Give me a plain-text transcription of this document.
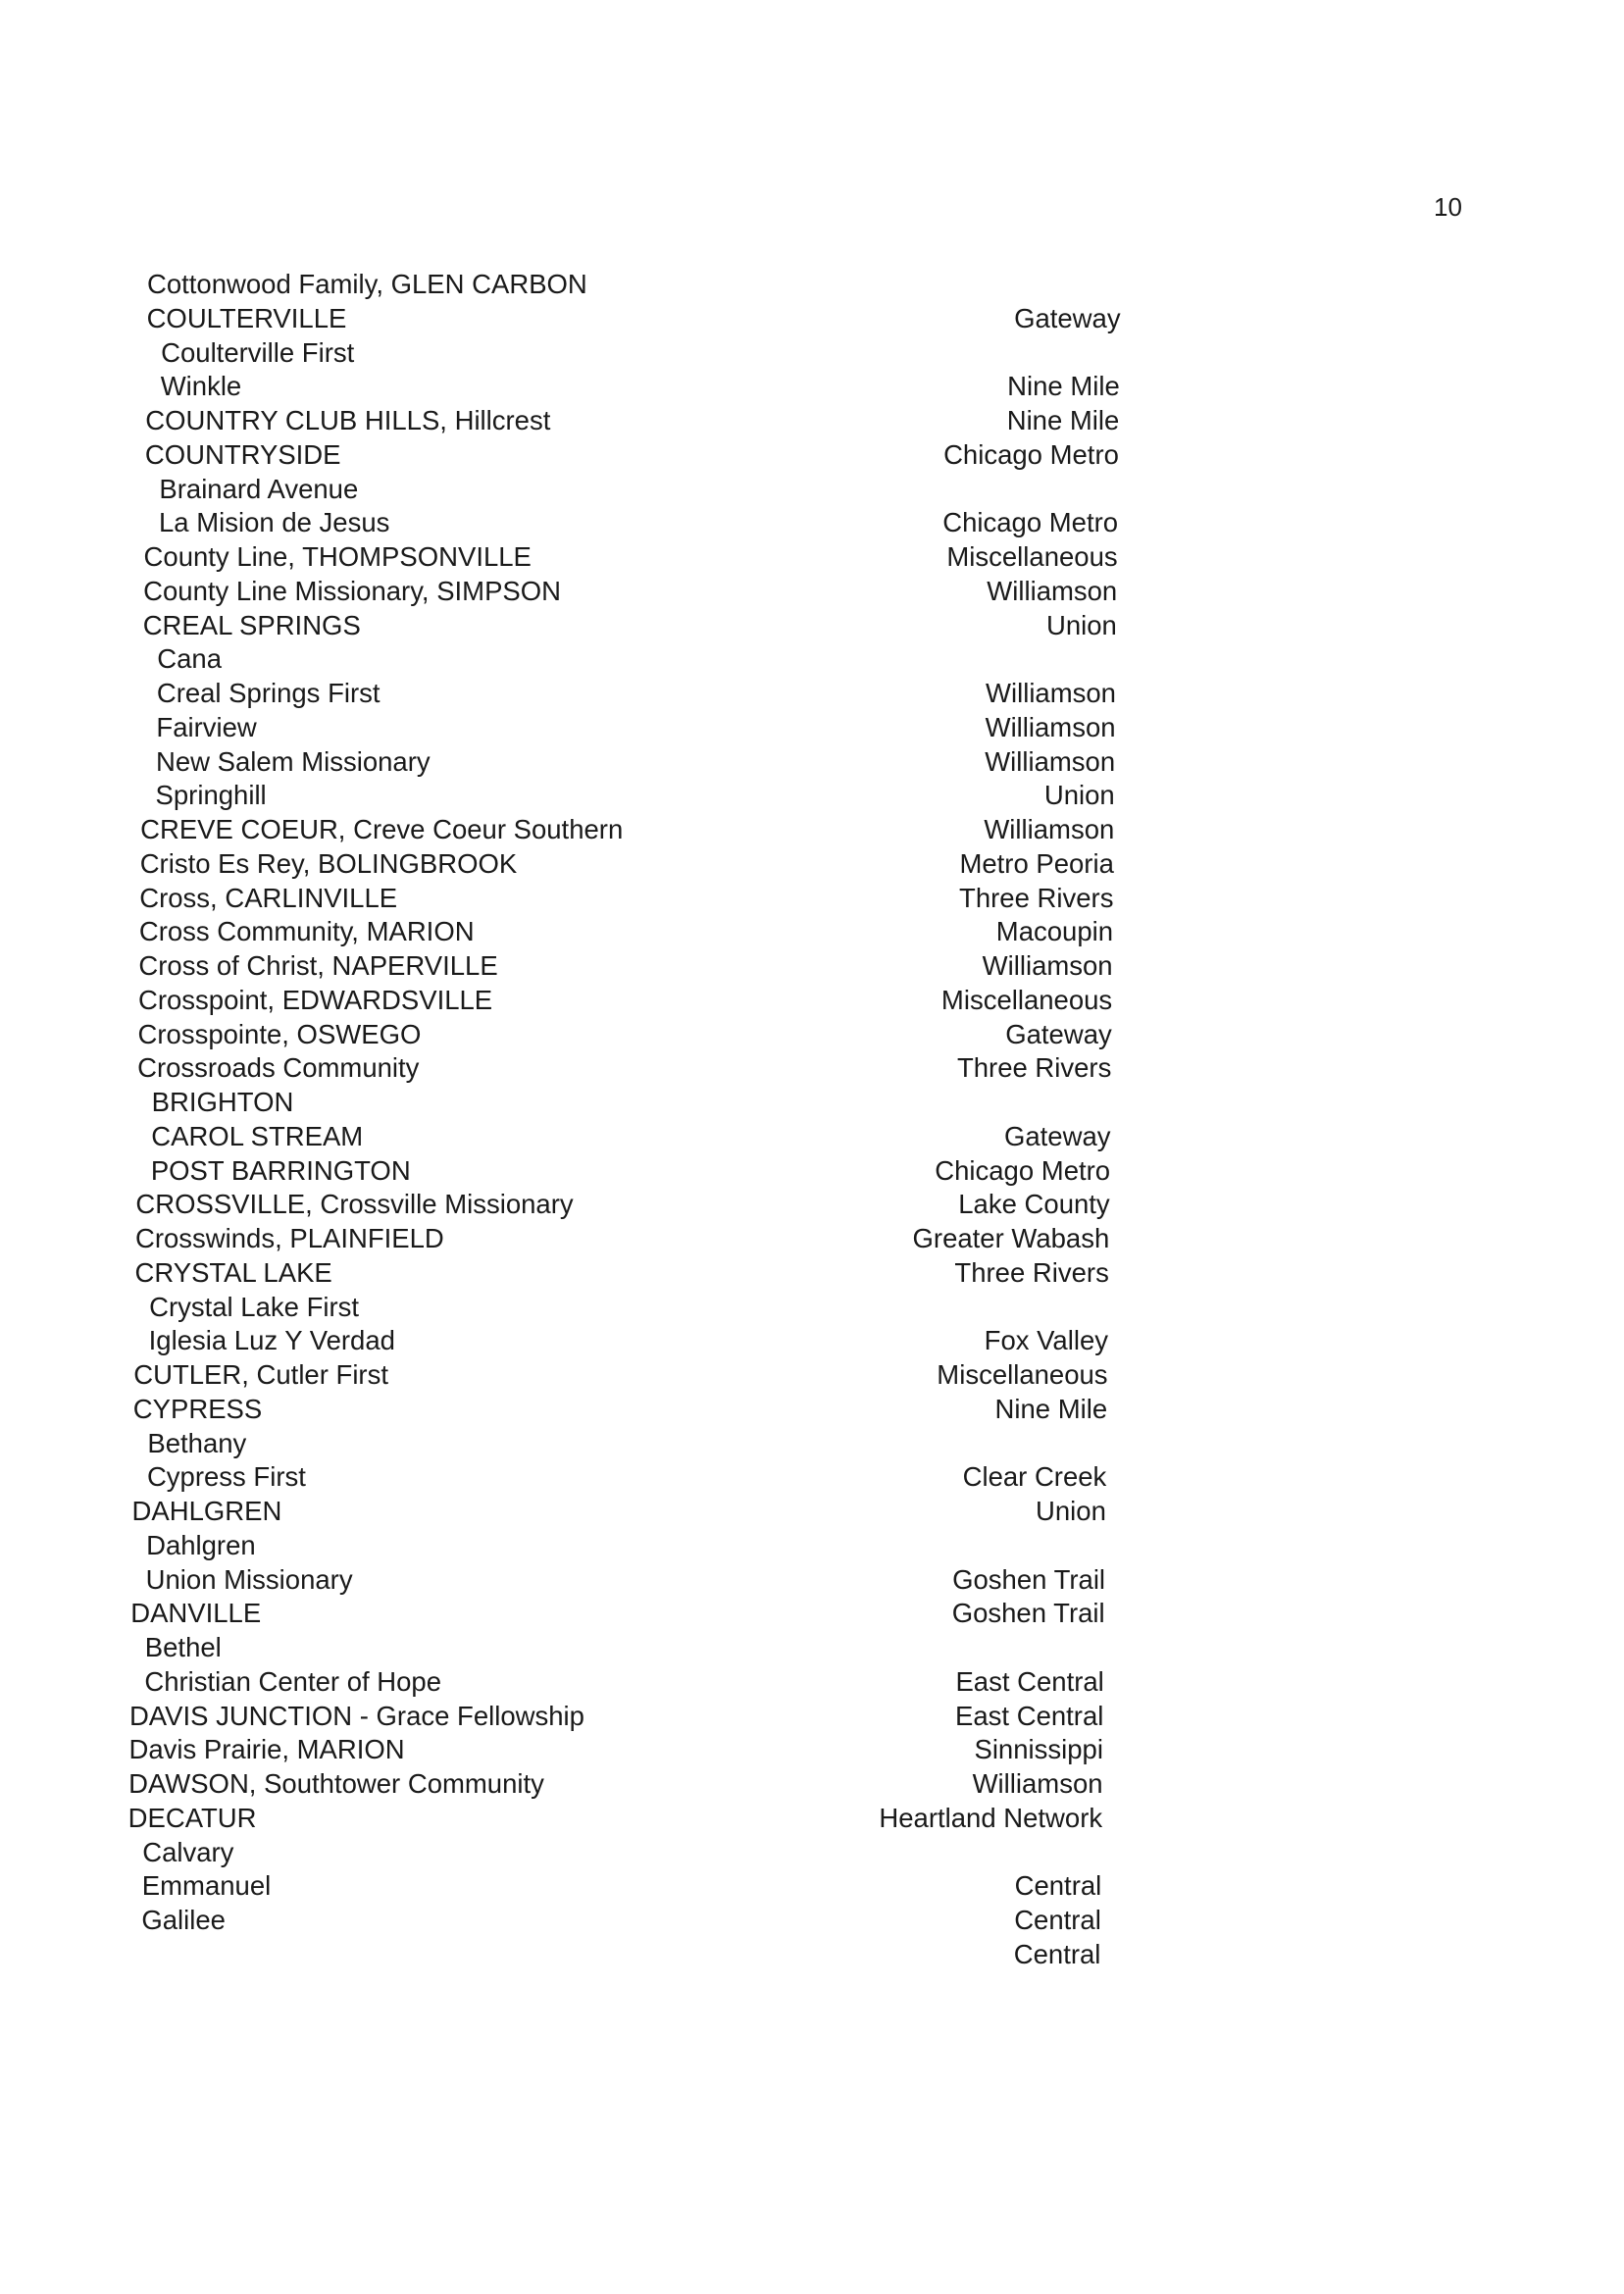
10
Cottonwood Family, GLEN CARBON
COULTERVILLE	Gateway
Coulterville First
Winkle	Nine Mile
COUNTRY CLUB HILLS, Hillcrest	Nine Mile
COUNTRYSIDE	Chicago Metro
Brainard Avenue
La Mision de Jesus	Chicago Metro
County Line, THOMPSONVILLE	Miscellaneous
County Line Missionary, SIMPSON	Williamson
CREAL SPRINGS	Union
Cana
Creal Springs First	Williamson
Fairview	Williamson
New Salem Missionary	Williamson
Springhill	Union
CREVE COEUR, Creve Coeur Southern	Williamson
Cristo Es Rey, BOLINGBROOK	Metro Peoria
Cross, CARLINVILLE	Three Rivers
Cross Community, MARION	Macoupin
Cross of Christ, NAPERVILLE	Williamson
Crosspoint, EDWARDSVILLE	Miscellaneous
Crosspointe, OSWEGO	Gateway
Crossroads Community	Three Rivers
BRIGHTON
CAROL STREAM	Gateway
POST BARRINGTON	Chicago Metro
CROSSVILLE, Crossville Missionary	Lake County
Crosswinds, PLAINFIELD	Greater Wabash
CRYSTAL LAKE	Three Rivers
Crystal Lake First
Iglesia Luz Y Verdad	Fox Valley
CUTLER, Cutler First	Miscellaneous
CYPRESS	Nine Mile
Bethany
Cypress First	Clear Creek
DAHLGREN	Union
Dahlgren
Union Missionary	Goshen Trail
DANVILLE	Goshen Trail
Bethel
Christian Center of Hope	East Central
DAVIS JUNCTION - Grace Fellowship	East Central
Davis Prairie, MARION	Sinnissippi
DAWSON, Southtower Community	Williamson
DECATUR	Heartland Network
Calvary
Emmanuel	Central
Galilee	Central
Central
